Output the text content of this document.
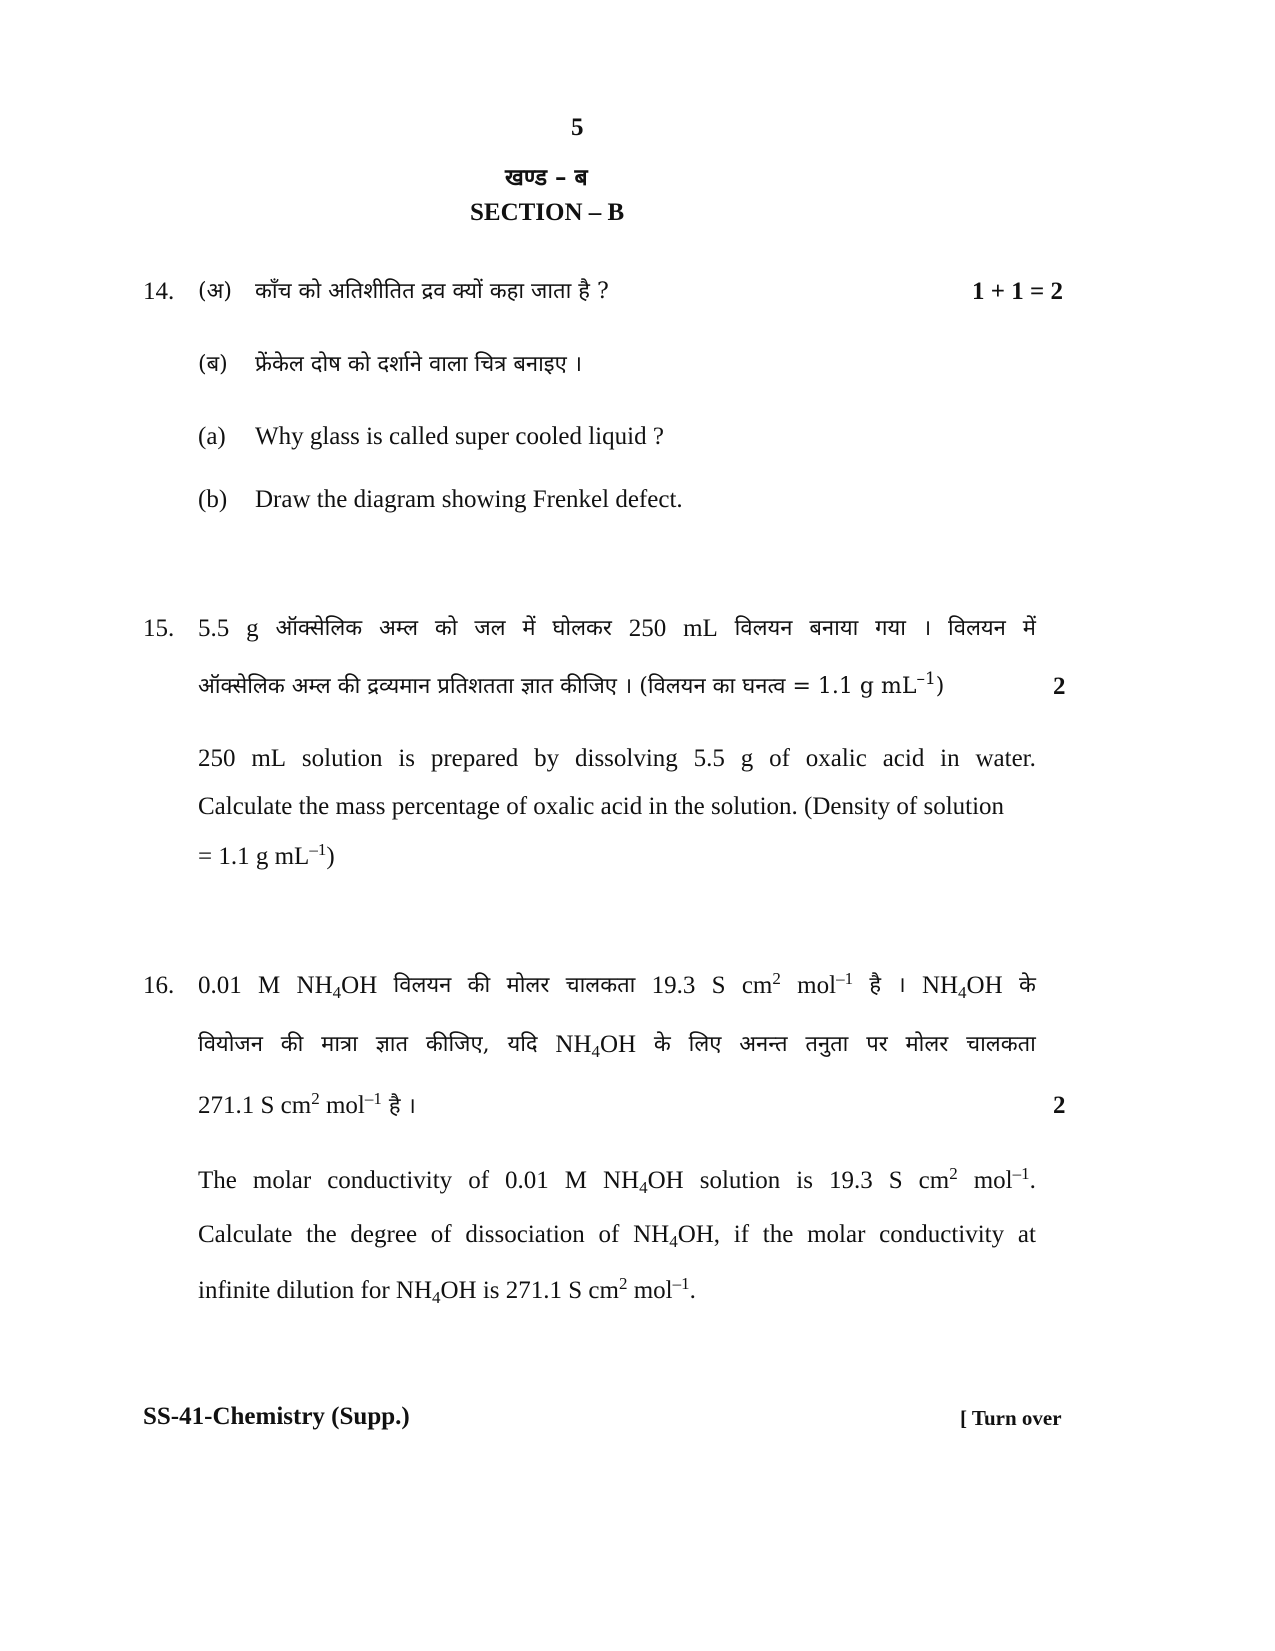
5
खण्ड – ब
SECTION – B
14. (अ) काँच को अतिशीतित द्रव क्यों कहा जाता है ?	1 + 1 = 2
(ब) फ्रेंकेल दोष को दर्शाने वाला चित्र बनाइए ।
(a) Why glass is called super cooled liquid ?
(b) Draw the diagram showing Frenkel defect.
15. 5.5 g ऑक्सेलिक अम्ल को जल में घोलकर 250 mL विलयन बनाया गया । विलयन में
ऑक्सेलिक अम्ल की द्रव्यमान प्रतिशतता ज्ञात कीजिए । (विलयन का घनत्व = 1.1 g $mL^{-1}$)	2
250 mL solution is prepared by dissolving 5.5 g of oxalic acid in water.
Calculate the mass percentage of oxalic acid in the solution. (Density of solution
= 1.1 g $mL^{-1}$)
16. 0.01 M $NH_4OH$ विलयन की मोलर चालकता 19.3 S $cm^2$ mol$^{-1}$ है । $NH_4OH$ के
वियोजन की मात्रा ज्ञात कीजिए, यदि $NH_4OH$ के लिए अनन्त तनुता पर मोलर चालकता
271.1 S $cm^2$ mol$^{-1}$ है ।	2
The molar conductivity of 0.01 M $NH_4OH$ solution is 19.3 S $cm^2$ mol$^{-1}$.
Calculate the degree of dissociation of $NH_4OH$, if the molar conductivity at
infinite dilution for $NH_4OH$ is 271.1 S $cm^2$ mol$^{-1}$.
SS-41-Chemistry (Supp.)	[ Turn over
